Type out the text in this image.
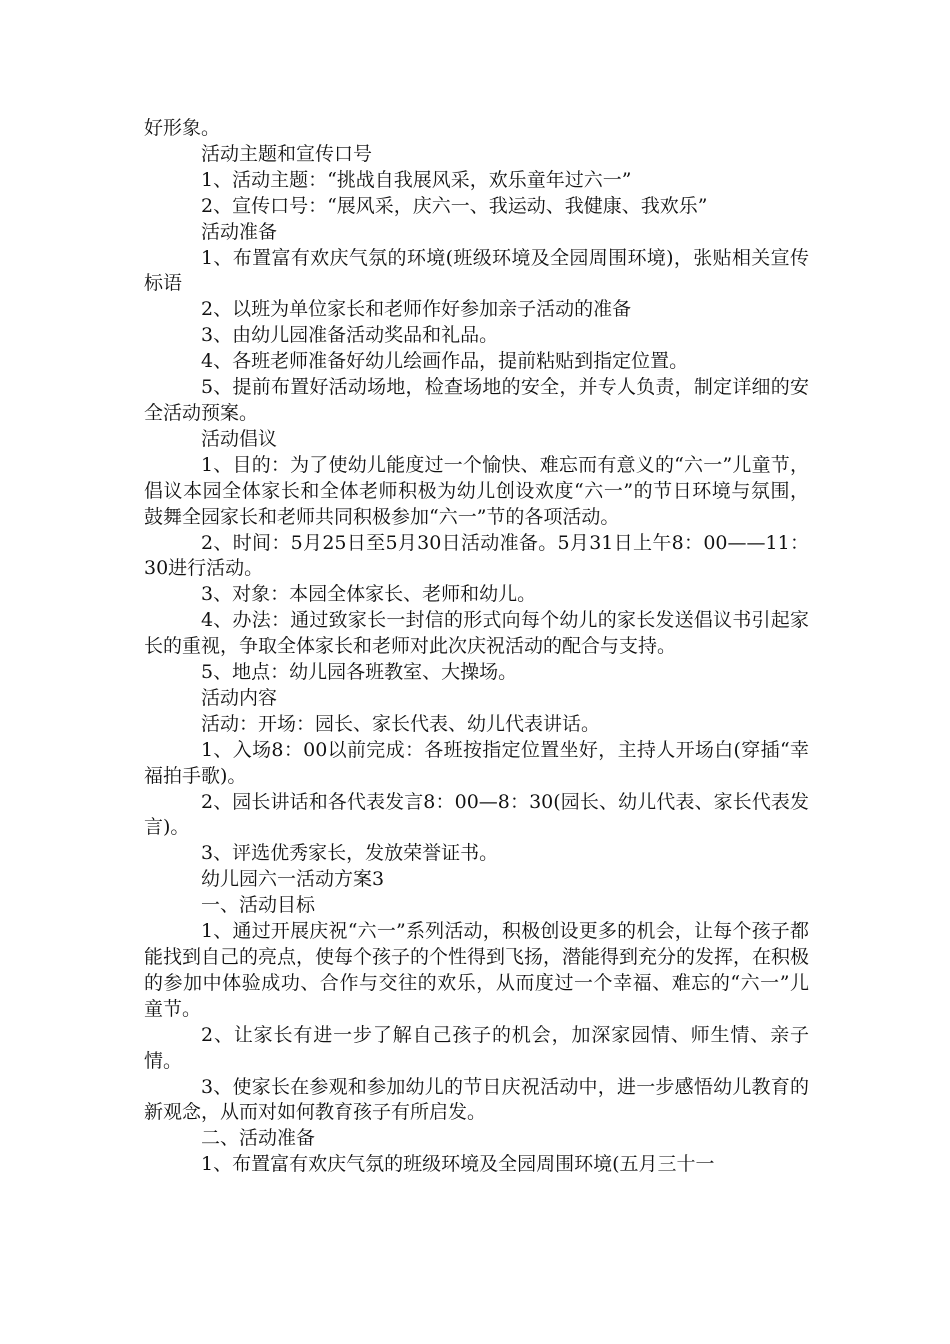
好形象。

活动主题和宣传口号

1、活动主题：“挑战自我展风采，欢乐童年过六一”

2、宣传口号：“展风采，庆六一、我运动、我健康、我欢乐”

活动准备

1、布置富有欢庆气氛的环境(班级环境及全园周围环境)，张贴相关宣传标语

2、以班为单位家长和老师作好参加亲子活动的准备

3、由幼儿园准备活动奖品和礼品。

4、各班老师准备好幼儿绘画作品，提前粘贴到指定位置。

5、提前布置好活动场地，检查场地的安全，并专人负责，制定详细的安全活动预案。

活动倡议

1、目的：为了使幼儿能度过一个愉快、难忘而有意义的“六一”儿童节，倡议本园全体家长和全体老师积极为幼儿创设欢度“六一”的节日环境与氛围，鼓舞全园家长和老师共同积极参加“六一”节的各项活动。

2、时间：5月25日至5月30日活动准备。5月31日上午8：00——11：30进行活动。

3、对象：本园全体家长、老师和幼儿。

4、办法：通过致家长一封信的形式向每个幼儿的家长发送倡议书引起家长的重视，争取全体家长和老师对此次庆祝活动的配合与支持。

5、地点：幼儿园各班教室、大操场。

活动内容

活动：开场：园长、家长代表、幼儿代表讲话。

1、入场8：00以前完成：各班按指定位置坐好，主持人开场白(穿插“幸福拍手歌)。

2、园长讲话和各代表发言8：00—8：30(园长、幼儿代表、家长代表发言)。

3、评选优秀家长，发放荣誉证书。

幼儿园六一活动方案3

一、活动目标

1、通过开展庆祝“六一”系列活动，积极创设更多的机会，让每个孩子都能找到自己的亮点，使每个孩子的个性得到飞扬，潜能得到充分的发挥，在积极的参加中体验成功、合作与交往的欢乐，从而度过一个幸福、难忘的“六一”儿童节。

2、让家长有进一步了解自己孩子的机会，加深家园情、师生情、亲子情。

3、使家长在参观和参加幼儿的节日庆祝活动中，进一步感悟幼儿教育的新观念，从而对如何教育孩子有所启发。

二、活动准备

1、布置富有欢庆气氛的班级环境及全园周围环境(五月三十一
